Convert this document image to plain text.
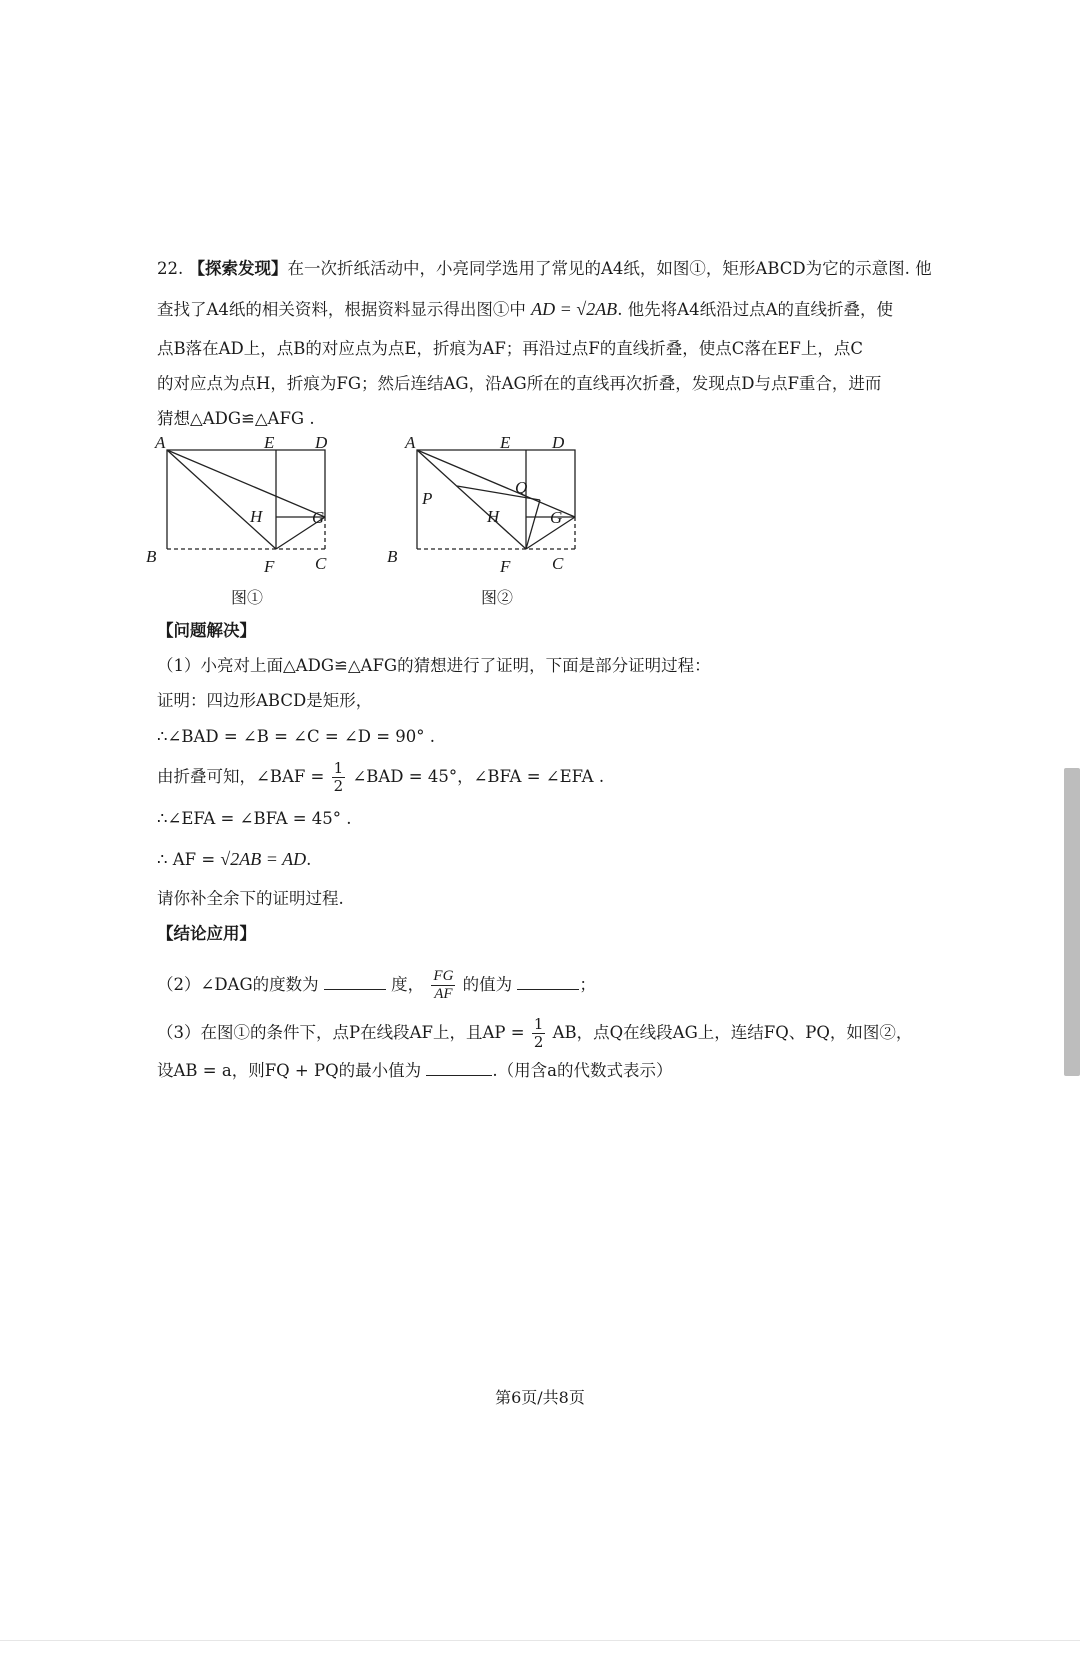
22. 【探索发现】在一次折纸活动中，小亮同学选用了常见的A4纸，如图①，矩形ABCD为它的示意图. 他
查找了A4纸的相关资料，根据资料显示得出图①中 AD = √2AB. 他先将A4纸沿过点A的直线折叠，使
点B落在AD上，点B的对应点为点E，折痕为AF；再沿过点F的直线折叠，使点C落在EF上，点C
的对应点为点H，折痕为FG；然后连结AG，沿AG所在的直线再次折叠，发现点D与点F重合，进而
猜想△ADG≌△AFG .
A	E D
H	G
B
F C
图①
A	E D
P
Q
H	G
B
F C
图②
【问题解决】
（1）小亮对上面△ADG≌△AFG的猜想进行了证明，下面是部分证明过程：
证明：四边形ABCD是矩形，
∴∠BAD = ∠B = ∠C = ∠D = 90° .
由折叠可知，∠BAF = $\frac{1}{2}$ ∠BAD = 45°，∠BFA = ∠EFA .
∴∠EFA = ∠BFA = 45° .
∴ AF = √2AB = AD.
请你补全余下的证明过程.
【结论应用】
（2）∠DAG的度数为	度， $\frac{FG}{AF}$ 的值为	；
（3）在图①的条件下，点P在线段AF上，且AP = $\frac{1}{2}$ AB，点Q在线段AG上，连结FQ、PQ，如图②，
设AB = a，则FQ + PQ的最小值为	.（用含a的代数式表示）
第6页/共8页
